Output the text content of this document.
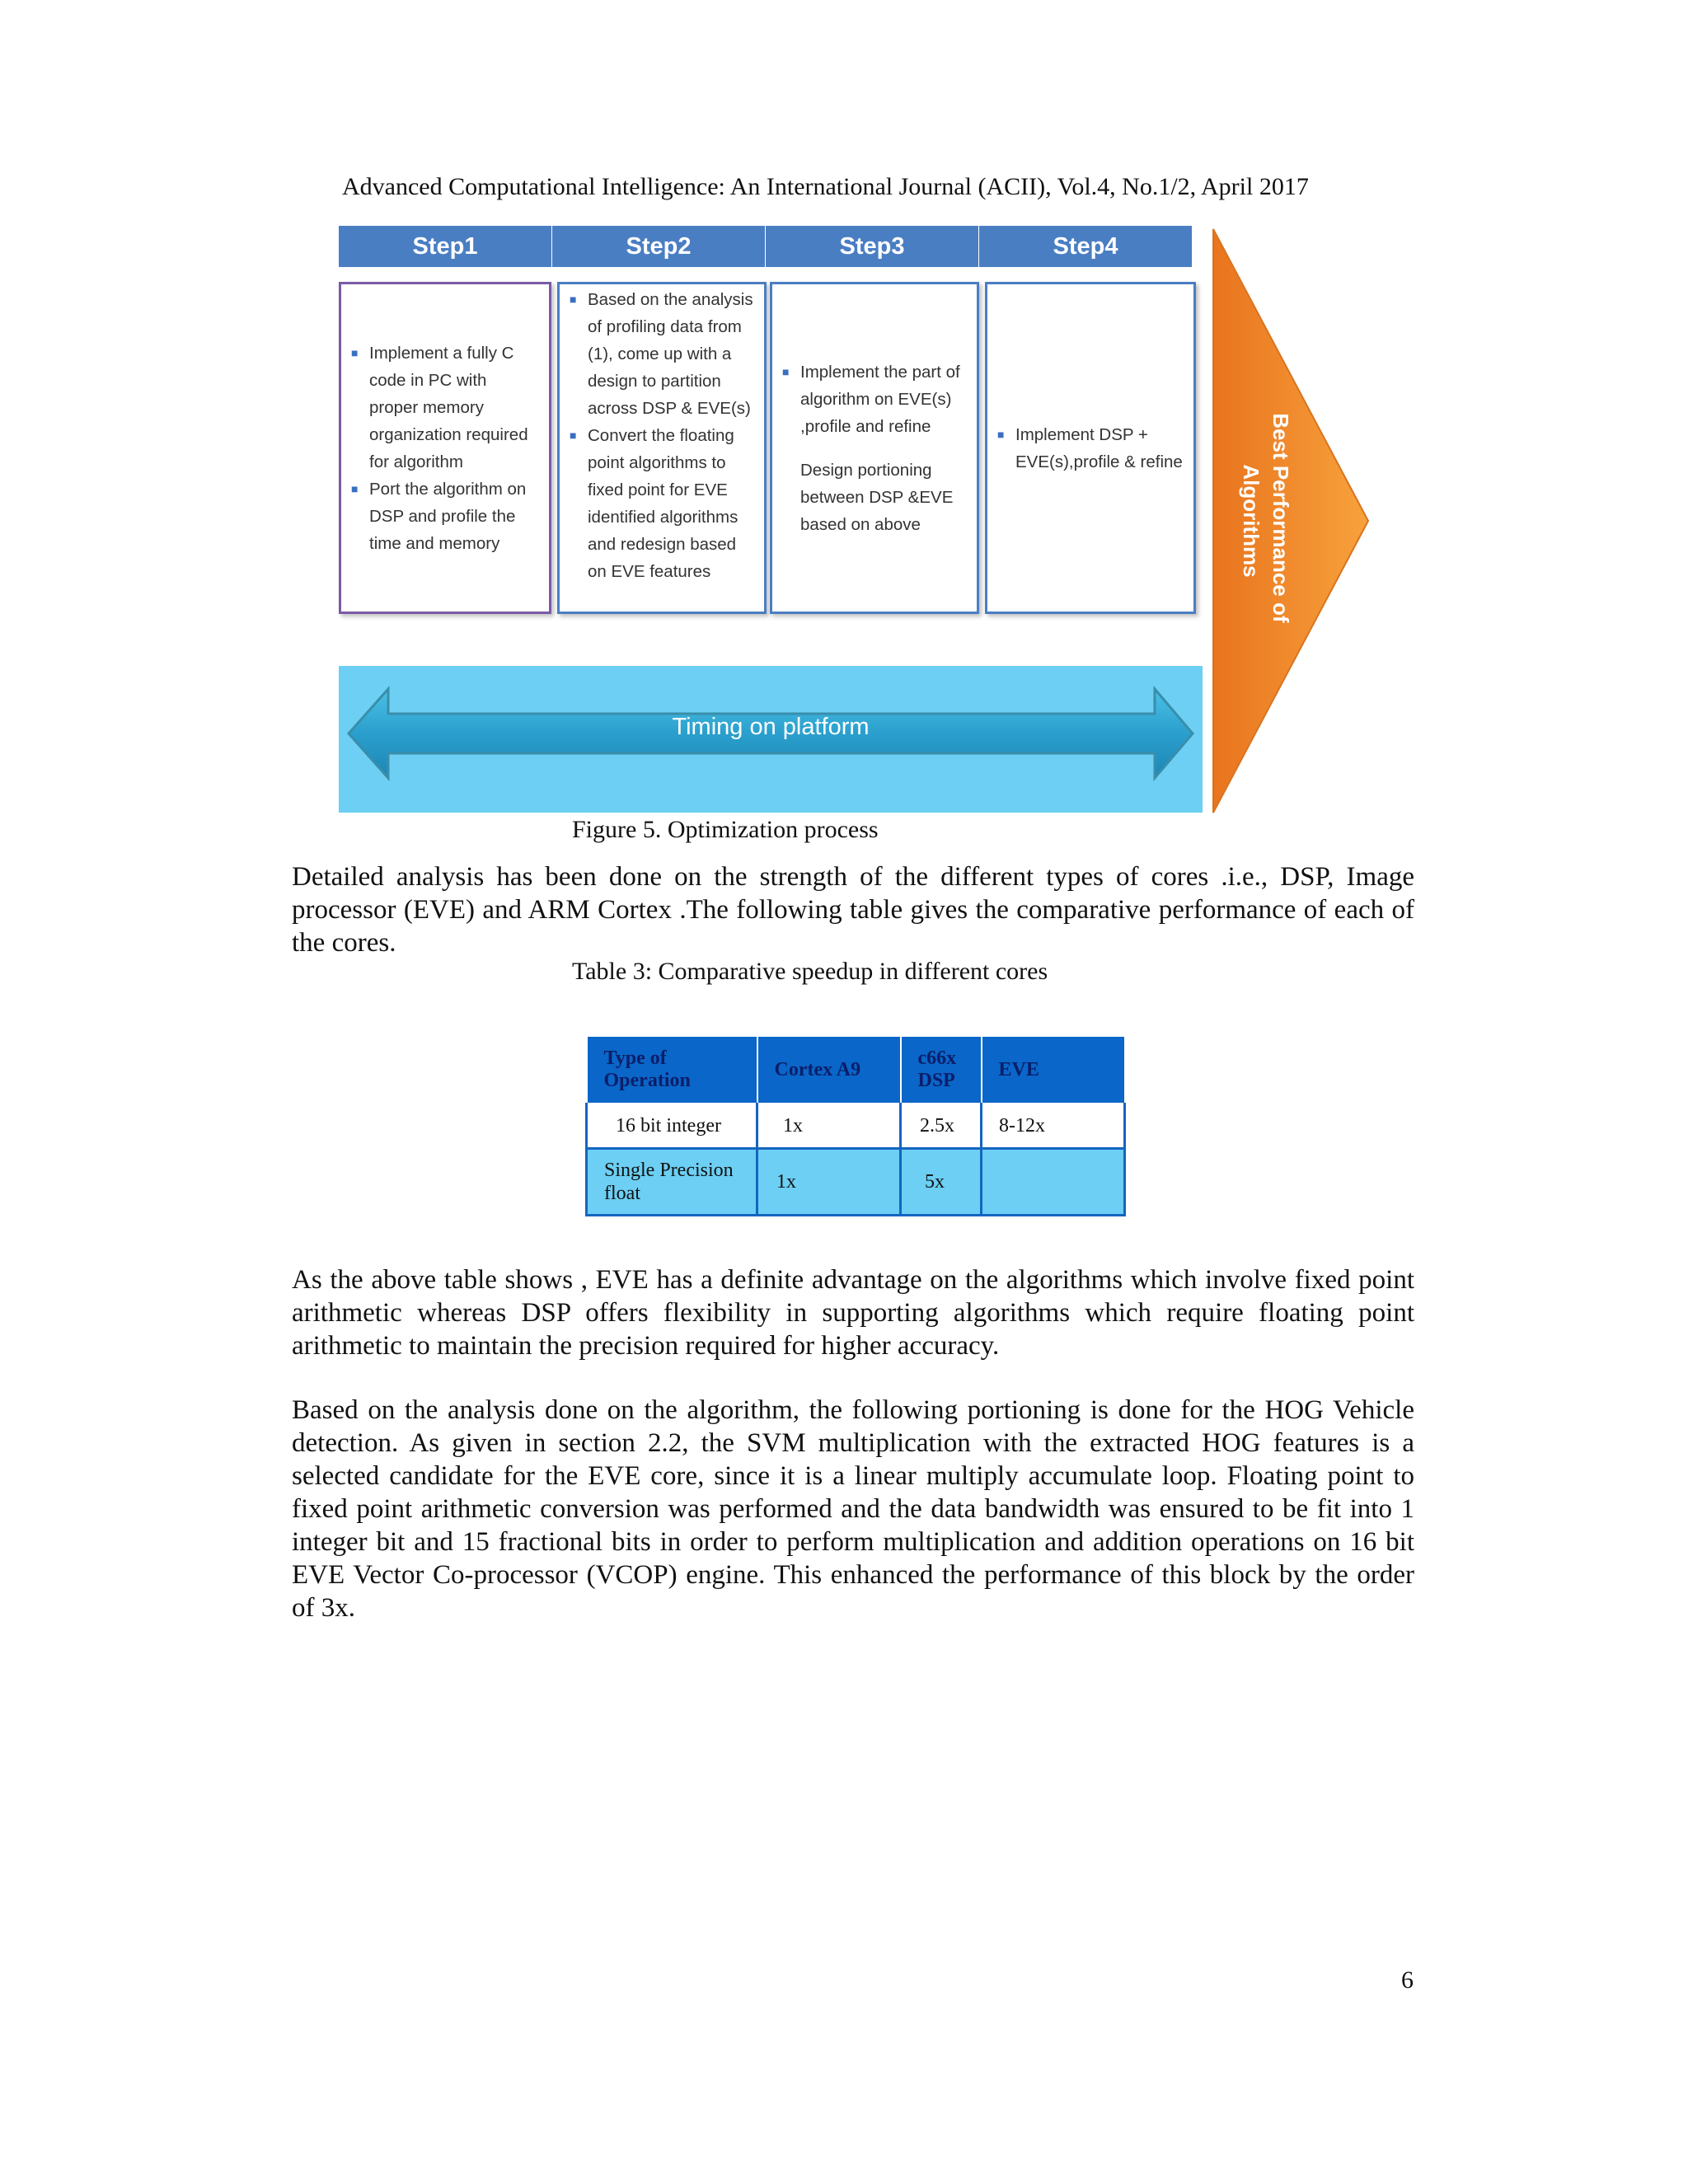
Advanced Computational Intelligence: An International Journal (ACII), Vol.4, No.1/2, April 2017
Step1	Step2	Step3	Step4
■ Implement a fully C code in PC with proper memory organization required for algorithm
■ Port the algorithm on DSP and profile the time and memory
■ Based on the analysis of profiling data from (1), come up with a design to partition across DSP & EVE(s)
■ Convert the floating point algorithms to fixed point for EVE identified algorithms and redesign based on EVE features
■ Implement the part of algorithm on EVE(s) ,profile and refine

Design portioning between DSP &EVE based on above
■ Implement DSP + EVE(s),profile & refine	Best Performance of Algorithms
Timing on platform
Figure 5. Optimization process

Detailed analysis has been done on the strength of the different types of cores .i.e., DSP, Image processor (EVE) and ARM Cortex .The following table gives the comparative performance of each of the cores.

Table 3: Comparative speedup in different cores
Type of Operation	Cortex A9	c66x DSP	EVE
16 bit integer	1x	2.5x	8-12x
Single Precision float	1x	5x	

As the above table shows , EVE has a definite advantage on the algorithms which involve fixed point arithmetic whereas DSP offers flexibility in supporting algorithms which require floating point arithmetic to maintain the precision required for higher accuracy.

Based on the analysis done on the algorithm, the following portioning is done for the HOG Vehicle detection. As given in section 2.2, the SVM multiplication with the extracted HOG features is a selected candidate for the EVE core, since it is a linear multiply accumulate loop. Floating point to fixed point arithmetic conversion was performed and the data bandwidth was ensured to be fit into 1 integer bit and 15 fractional bits in order to perform multiplication and addition operations on 16 bit EVE Vector Co-processor (VCOP) engine. This enhanced the performance of this block by the order of 3x.

6
